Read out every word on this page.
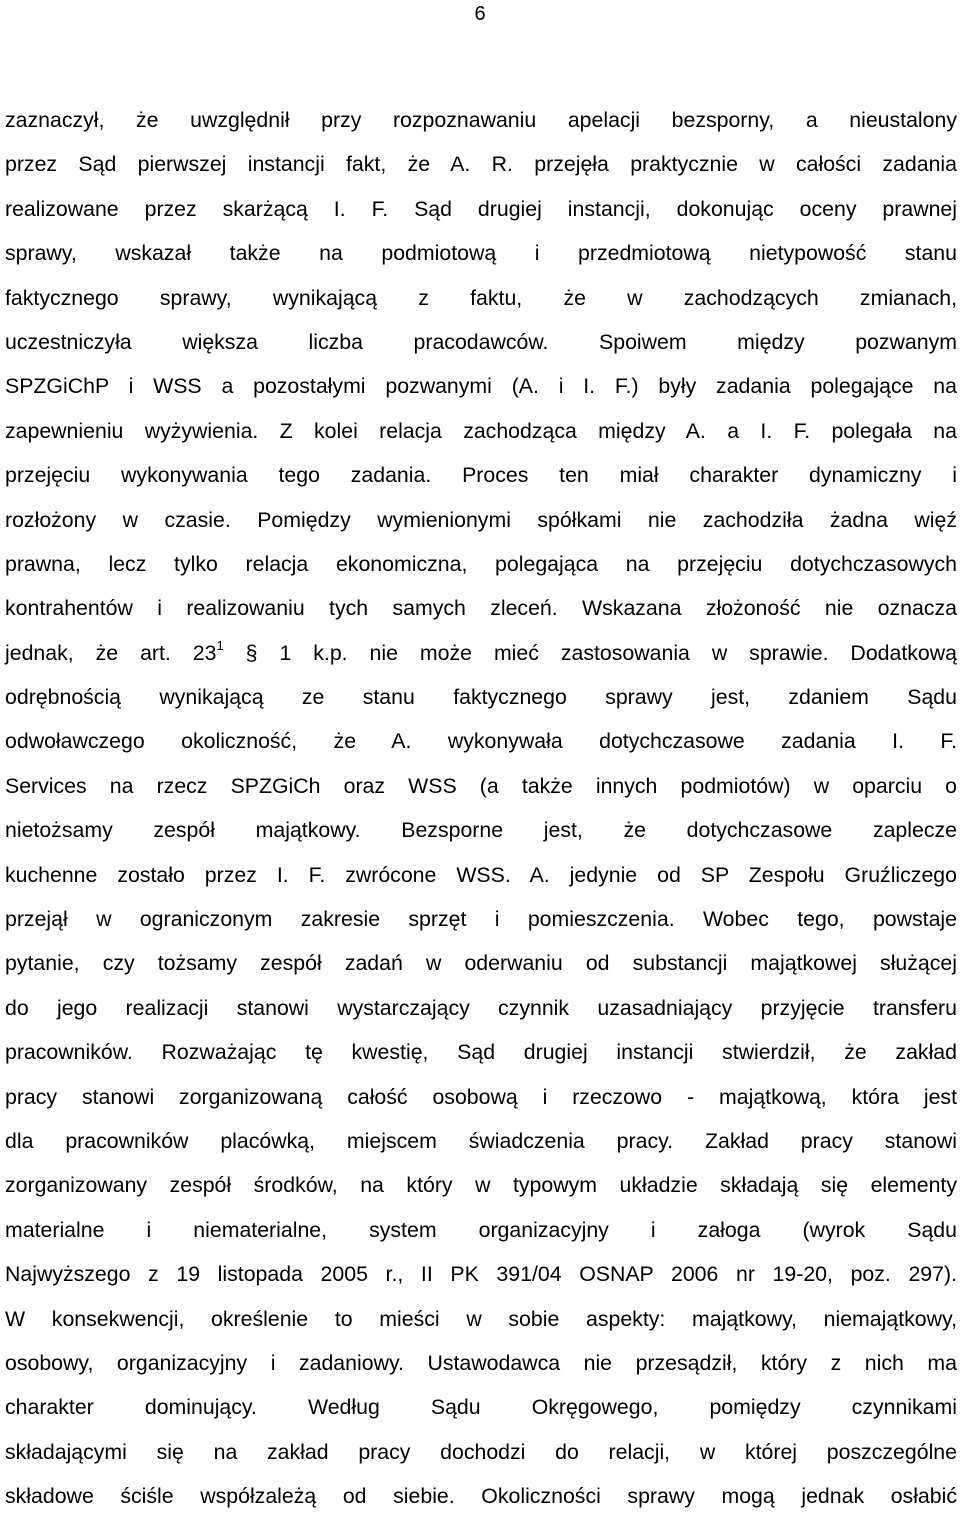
6
zaznaczył, że uwzględnił przy rozpoznawaniu apelacji bezsporny, a nieustalony
przez Sąd pierwszej instancji fakt, że A. R. przejęła praktycznie w całości zadania
realizowane przez skarżącą I. F. Sąd drugiej instancji, dokonując oceny prawnej
sprawy, wskazał także na podmiotową i przedmiotową nietypowość stanu
faktycznego sprawy, wynikającą z faktu, że w zachodzących zmianach,
uczestniczyła większa liczba pracodawców. Spoiwem między pozwanym
SPZGiChP i WSS a pozostałymi pozwanymi (A. i I. F.) były zadania polegające na
zapewnieniu wyżywienia. Z kolei relacja zachodząca między A. a I. F. polegała na
przejęciu wykonywania tego zadania. Proces ten miał charakter dynamiczny i
rozłożony w czasie. Pomiędzy wymienionymi spółkami nie zachodziła żadna więź
prawna, lecz tylko relacja ekonomiczna, polegająca na przejęciu dotychczasowych
kontrahentów i realizowaniu tych samych zleceń. Wskazana złożoność nie oznacza
jednak, że art. $23^1$ § 1 k.p. nie może mieć zastosowania w sprawie. Dodatkową
odrębnością wynikającą ze stanu faktycznego sprawy jest, zdaniem Sądu
odwoławczego okoliczność, że A. wykonywała dotychczasowe zadania I. F.
Services na rzecz SPZGiCh oraz WSS (a także innych podmiotów) w oparciu o
nietożsamy zespół majątkowy. Bezsporne jest, że dotychczasowe zaplecze
kuchenne zostało przez I. F. zwrócone WSS. A. jedynie od SP Zespołu Gruźliczego
przejął w ograniczonym zakresie sprzęt i pomieszczenia. Wobec tego, powstaje
pytanie, czy tożsamy zespół zadań w oderwaniu od substancji majątkowej służącej
do jego realizacji stanowi wystarczający czynnik uzasadniający przyjęcie transferu
pracowników. Rozważając tę kwestię, Sąd drugiej instancji stwierdził, że zakład
pracy stanowi zorganizowaną całość osobową i rzeczowo - majątkową, która jest
dla pracowników placówką, miejscem świadczenia pracy. Zakład pracy stanowi
zorganizowany zespół środków, na który w typowym układzie składają się elementy
materialne i niematerialne, system organizacyjny i załoga (wyrok Sądu
Najwyższego z 19 listopada 2005 r., II PK 391/04 OSNAP 2006 nr 19-20, poz. 297).
W konsekwencji, określenie to mieści w sobie aspekty: majątkowy, niemajątkowy,
osobowy, organizacyjny i zadaniowy. Ustawodawca nie przesądził, który z nich ma
charakter dominujący. Według Sądu Okręgowego, pomiędzy czynnikami
składającymi się na zakład pracy dochodzi do relacji, w której poszczególne
składowe ściśle współzależą od siebie. Okoliczności sprawy mogą jednak osłabić
